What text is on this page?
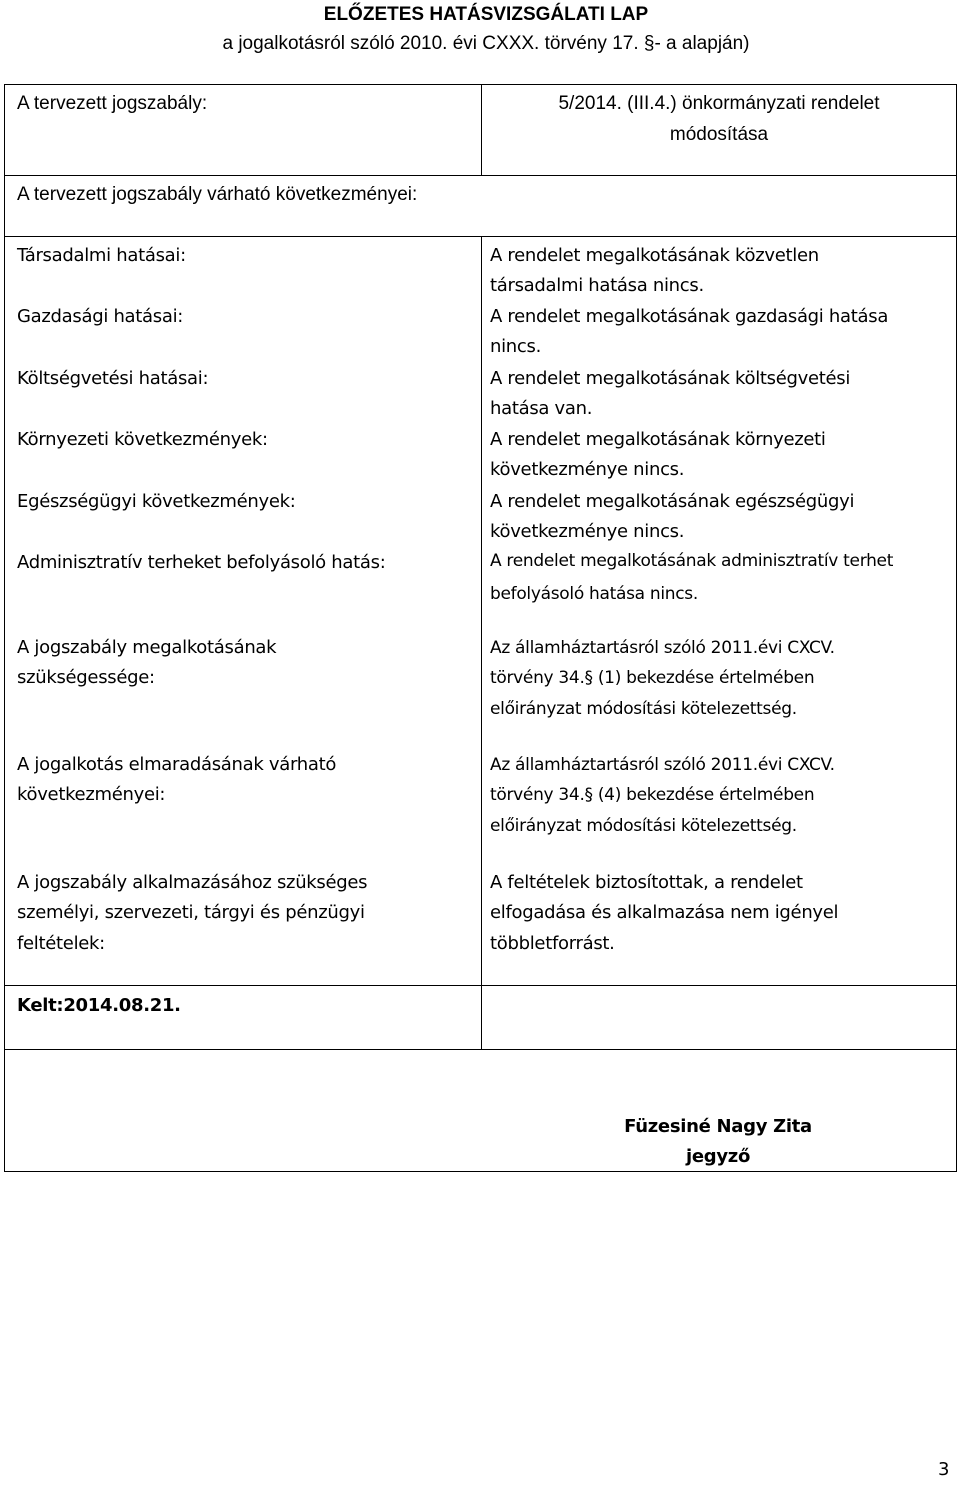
ELŐZETES HATÁSVIZSGÁLATI LAP
a jogalkotásról szóló 2010. évi CXXX. törvény 17. §- a alapján)
A tervezett jogszabály:	5/2014. (III.4.) önkormányzati rendelet
módosítása
A tervezett jogszabály várható következményei:
Társadalmi hatásai:
Gazdasági hatásai:
Költségvetési hatásai:
Környezeti következmények:
Egészségügyi következmények:
Adminisztratív terheket befolyásoló hatás:
A rendelet megalkotásának közvetlen
társadalmi hatása nincs.
A rendelet megalkotásának gazdasági hatása
nincs.
A rendelet megalkotásának költségvetési
hatása van.
A rendelet megalkotásának környezeti
következménye nincs.
A rendelet megalkotásának egészségügyi
következménye nincs.
A rendelet megalkotásának adminisztratív terhet
befolyásoló hatása nincs.
A jogszabály megalkotásának
szükségessége:
Az államháztartásról szóló 2011.évi CXCV.
törvény 34.§ (1) bekezdése értelmében
előirányzat módosítási kötelezettség.
A jogalkotás elmaradásának várható
következményei:
Az államháztartásról szóló 2011.évi CXCV.
törvény 34.§ (4) bekezdése értelmében
előirányzat módosítási kötelezettség.
A jogszabály alkalmazásához szükséges
személyi, szervezeti, tárgyi és pénzügyi
feltételek:
A feltételek biztosítottak, a rendelet
elfogadása és alkalmazása nem igényel
többletforrást.
Kelt:2014.08.21.
Füzesiné Nagy Zita
jegyző
3
